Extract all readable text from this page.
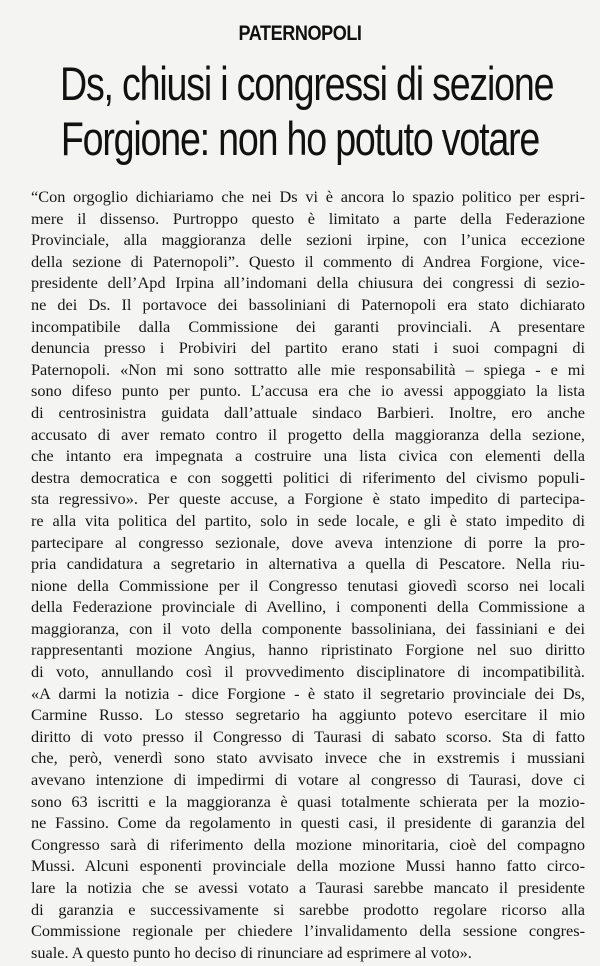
PATERNOPOLI
Ds, chiusi i congressi di sezione
Forgione: non ho potuto votare
“Con orgoglio dichiariamo che nei Ds vi è ancora lo spazio politico per espri-
mere il dissenso. Purtroppo questo è limitato a parte della Federazione
Provinciale, alla maggioranza delle sezioni irpine, con l’unica eccezione
della sezione di Paternopoli”. Questo il commento di Andrea Forgione, vice-
presidente dell’Apd Irpina all’indomani della chiusura dei congressi di sezio-
ne dei Ds. Il portavoce dei bassoliniani di Paternopoli era stato dichiarato
incompatibile dalla Commissione dei garanti provinciali. A presentare
denuncia presso i Probiviri del partito erano stati i suoi compagni di
Paternopoli. «Non mi sono sottratto alle mie responsabilità – spiega - e mi
sono difeso punto per punto. L’accusa era che io avessi appoggiato la lista
di centrosinistra guidata dall’attuale sindaco Barbieri. Inoltre, ero anche
accusato di aver remato contro il progetto della maggioranza della sezione,
che intanto era impegnata a costruire una lista civica con elementi della
destra democratica e con soggetti politici di riferimento del civismo populi-
sta regressivo». Per queste accuse, a Forgione è stato impedito di partecipa-
re alla vita politica del partito, solo in sede locale, e gli è stato impedito di
partecipare al congresso sezionale, dove aveva intenzione di porre la pro-
pria candidatura a segretario in alternativa a quella di Pescatore. Nella riu-
nione della Commissione per il Congresso tenutasi giovedì scorso nei locali
della Federazione provinciale di Avellino, i componenti della Commissione a
maggioranza, con il voto della componente bassoliniana, dei fassiniani e dei
rappresentanti mozione Angius, hanno ripristinato Forgione nel suo diritto
di voto, annullando così il provvedimento disciplinatore di incompatibilità.
«A darmi la notizia - dice Forgione - è stato il segretario provinciale dei Ds,
Carmine Russo. Lo stesso segretario ha aggiunto potevo esercitare il mio
diritto di voto presso il Congresso di Taurasi di sabato scorso. Sta di fatto
che, però, venerdì sono stato avvisato invece che in exstremis i mussiani
avevano intenzione di impedirmi di votare al congresso di Taurasi, dove ci
sono 63 iscritti e la maggioranza è quasi totalmente schierata per la mozio-
ne Fassino. Come da regolamento in questi casi, il presidente di garanzia del
Congresso sarà di riferimento della mozione minoritaria, cioè del compagno
Mussi. Alcuni esponenti provinciale della mozione Mussi hanno fatto circo-
lare la notizia che se avessi votato a Taurasi sarebbe mancato il presidente
di garanzia e successivamente si sarebbe prodotto regolare ricorso alla
Commissione regionale per chiedere l’invalidamento della sessione congres-
suale. A questo punto ho deciso di rinunciare ad esprimere al voto».
